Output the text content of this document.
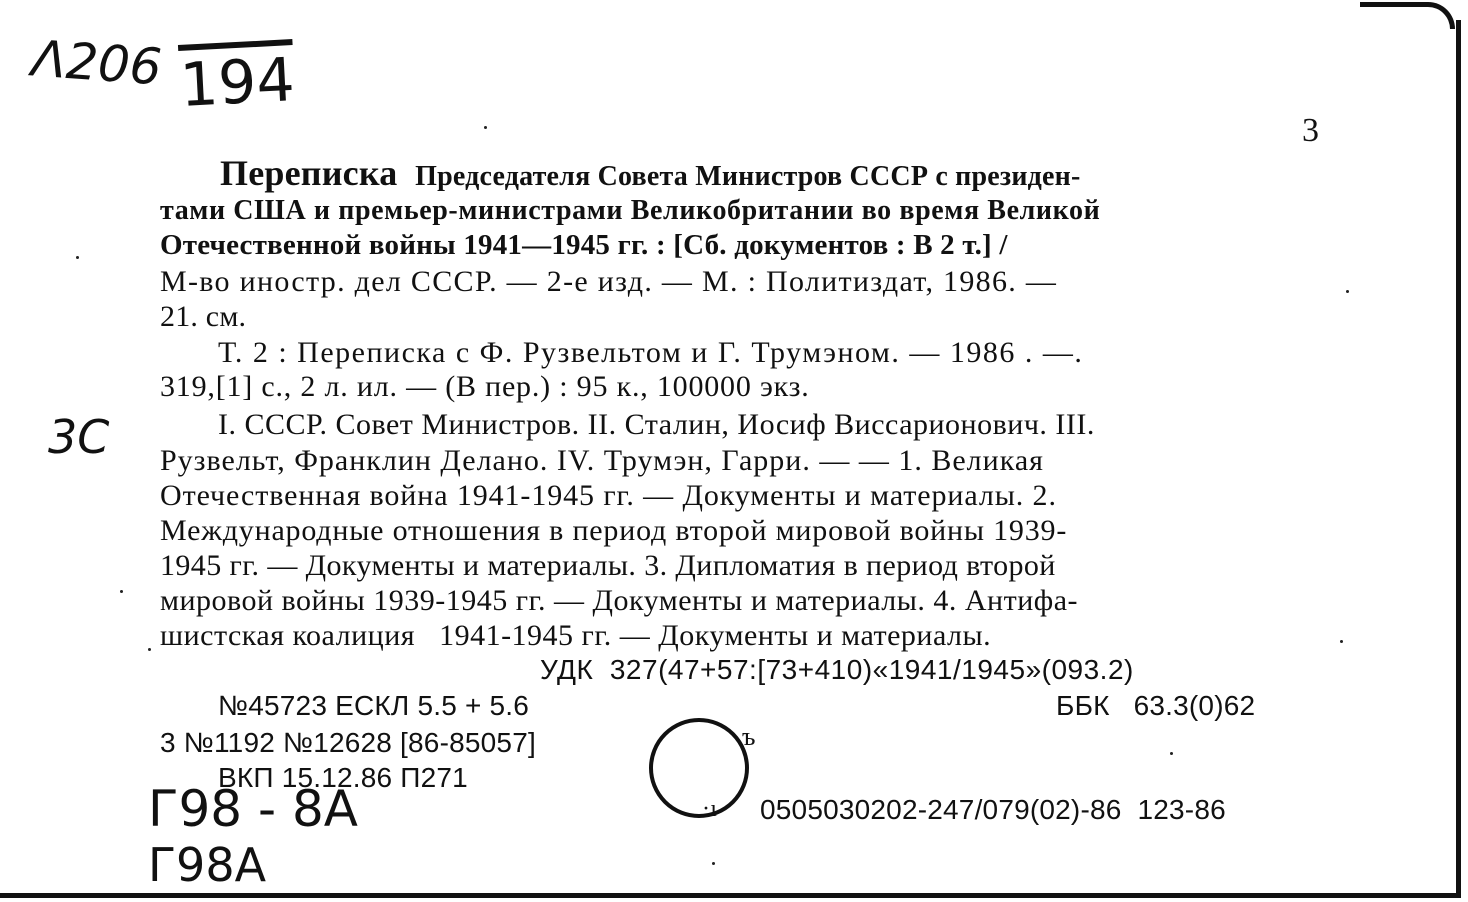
Λ206 194
3С
Г98 - 8А
Г98А
3
Переписка Председателя Совета Министров СССР с президен-
тами США и премьер-министрами Великобритании во время Великой
Отечественной войны 1941—1945 гг. : [Сб. документов : В 2 т.] /
М-во иностр. дел СССР. — 2-е изд. — М. : Политиздат, 1986. —
21. см.
Т. 2 : Переписка с Ф. Рузвельтом и Г. Трумэном. — 1986 . —.
319,[1] с., 2 л. ил. — (В пер.) : 95 к., 100000 экз.
I. СССР. Совет Министров. II. Сталин, Иосиф Виссарионович. III.
Рузвельт, Франклин Делано. IV. Трумэн, Гарри. — — 1. Великая
Отечественная война 1941-1945 гг. — Документы и материалы. 2.
Международные отношения в период второй мировой войны 1939-
1945 гг. — Документы и материалы. 3. Дипломатия в период второй
мировой войны 1939-1945 гг. — Документы и материалы. 4. Антифа-
шистская коалиция   1941-1945 гг. — Документы и материалы.
УДК  327(47+57:[73+410)«1941/1945»(093.2)
ББК   63.3(0)62
№45723 ЕСКЛ 5.5 + 5.6
3 №1192 №12628 [86-85057]	ъ
ВКП 15.12.86 П271
·ı 0505030202-247/079(02)-86  123-86
